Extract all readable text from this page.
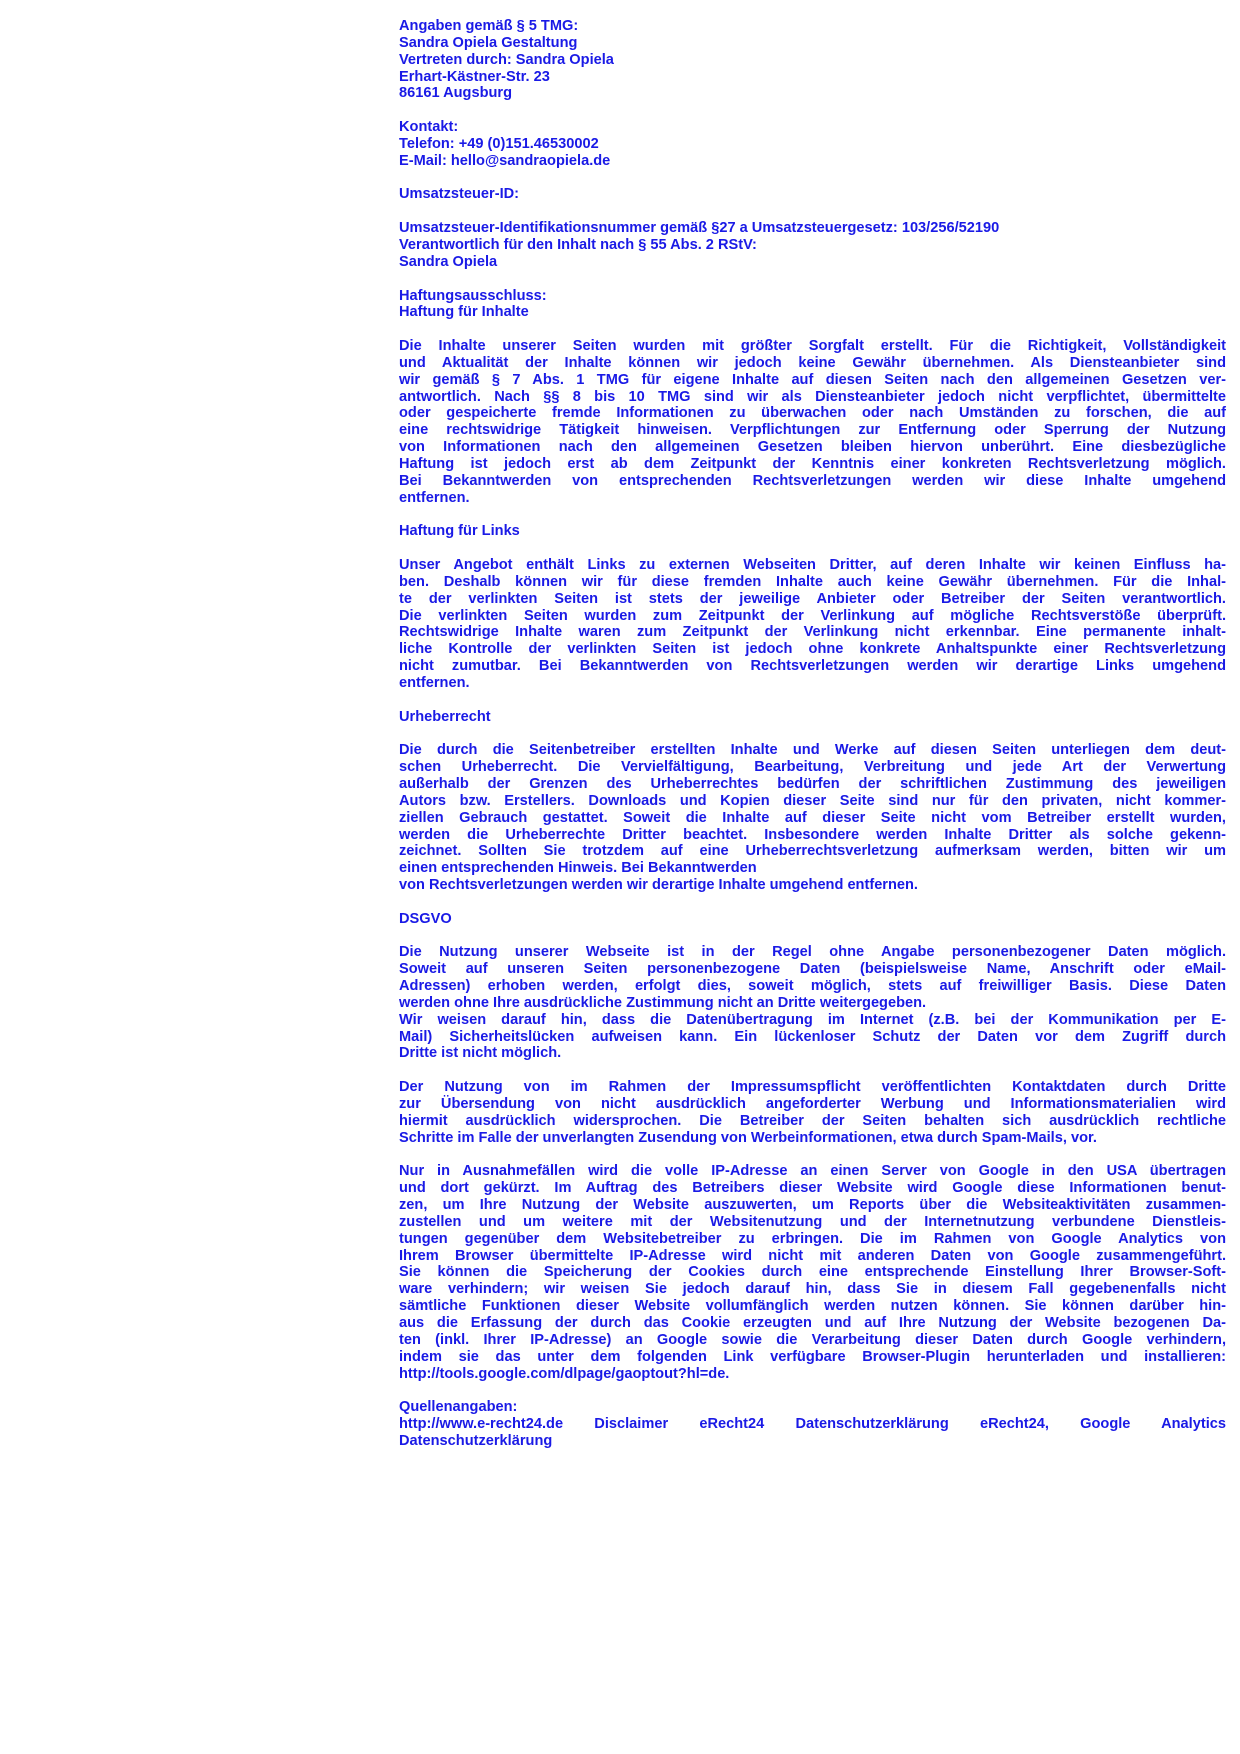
Angaben gemäß § 5 TMG:
Sandra Opiela Gestaltung
Vertreten durch: Sandra Opiela
Erhart-Kästner-Str. 23
86161 Augsburg
Kontakt:
Telefon: +49 (0)151.46530002
E-Mail: hello@sandraopiela.de
Umsatzsteuer-ID:
Umsatzsteuer-Identifikationsnummer gemäß §27 a Umsatzsteuergesetz: 103/256/52190
Verantwortlich für den Inhalt nach § 55 Abs. 2 RStV:
Sandra Opiela
Haftungsausschluss:
Haftung für Inhalte
Die Inhalte unserer Seiten wurden mit größter Sorgfalt erstellt. Für die Richtigkeit, Vollständigkeit
und Aktualität der Inhalte können wir jedoch keine Gewähr übernehmen. Als Diensteanbieter sind
wir gemäß § 7 Abs. 1 TMG für eigene Inhalte auf diesen Seiten nach den allgemeinen Gesetzen ver-
antwortlich. Nach §§ 8 bis 10 TMG sind wir als Diensteanbieter jedoch nicht verpflichtet, übermittelte
oder gespeicherte fremde Informationen zu überwachen oder nach Umständen zu forschen, die auf
eine rechtswidrige Tätigkeit hinweisen. Verpflichtungen zur Entfernung oder Sperrung der Nutzung
von Informationen nach den allgemeinen Gesetzen bleiben hiervon unberührt. Eine diesbezügliche
Haftung ist jedoch erst ab dem Zeitpunkt der Kenntnis einer konkreten Rechtsverletzung möglich.
Bei Bekanntwerden von entsprechenden Rechtsverletzungen werden wir diese Inhalte umgehend
entfernen.
Haftung für Links
Unser Angebot enthält Links zu externen Webseiten Dritter, auf deren Inhalte wir keinen Einfluss ha-
ben. Deshalb können wir für diese fremden Inhalte auch keine Gewähr übernehmen. Für die Inhal-
te der verlinkten Seiten ist stets der jeweilige Anbieter oder Betreiber der Seiten verantwortlich.
Die verlinkten Seiten wurden zum Zeitpunkt der Verlinkung auf mögliche Rechtsverstöße überprüft.
Rechtswidrige Inhalte waren zum Zeitpunkt der Verlinkung nicht erkennbar. Eine permanente inhalt-
liche Kontrolle der verlinkten Seiten ist jedoch ohne konkrete Anhaltspunkte einer Rechtsverletzung
nicht zumutbar. Bei Bekanntwerden von Rechtsverletzungen werden wir derartige Links umgehend
entfernen.
Urheberrecht
Die durch die Seitenbetreiber erstellten Inhalte und Werke auf diesen Seiten unterliegen dem deut-
schen Urheberrecht. Die Vervielfältigung, Bearbeitung, Verbreitung und jede Art der Verwertung
außerhalb der Grenzen des Urheberrechtes bedürfen der schriftlichen Zustimmung des jeweiligen
Autors bzw. Erstellers. Downloads und Kopien dieser Seite sind nur für den privaten, nicht kommer-
ziellen Gebrauch gestattet. Soweit die Inhalte auf dieser Seite nicht vom Betreiber erstellt wurden,
werden die Urheberrechte Dritter beachtet. Insbesondere werden Inhalte Dritter als solche gekenn-
zeichnet. Sollten Sie trotzdem auf eine Urheberrechtsverletzung aufmerksam werden, bitten wir um
einen entsprechenden Hinweis. Bei Bekanntwerden
von Rechtsverletzungen werden wir derartige Inhalte umgehend entfernen.
DSGVO
Die Nutzung unserer Webseite ist in der Regel ohne Angabe personenbezogener Daten möglich.
Soweit auf unseren Seiten personenbezogene Daten (beispielsweise Name, Anschrift oder eMail-
Adressen) erhoben werden, erfolgt dies, soweit möglich, stets auf freiwilliger Basis. Diese Daten
werden ohne Ihre ausdrückliche Zustimmung nicht an Dritte weitergegeben.
Wir weisen darauf hin, dass die Datenübertragung im Internet (z.B. bei der Kommunikation per E-
Mail) Sicherheitslücken aufweisen kann. Ein lückenloser Schutz der Daten vor dem Zugriff durch
Dritte ist nicht möglich.
Der Nutzung von im Rahmen der Impressumspflicht veröffentlichten Kontaktdaten durch Dritte
zur Übersendung von nicht ausdrücklich angeforderter Werbung und Informationsmaterialien wird
hiermit ausdrücklich widersprochen. Die Betreiber der Seiten behalten sich ausdrücklich rechtliche
Schritte im Falle der unverlangten Zusendung von Werbeinformationen, etwa durch Spam-Mails, vor.
Nur in Ausnahmefällen wird die volle IP-Adresse an einen Server von Google in den USA übertragen
und dort gekürzt. Im Auftrag des Betreibers dieser Website wird Google diese Informationen benut-
zen, um Ihre Nutzung der Website auszuwerten, um Reports über die Websiteaktivitäten zusammen-
zustellen und um weitere mit der Websitenutzung und der Internetnutzung verbundene Dienstleis-
tungen gegenüber dem Websitebetreiber zu erbringen. Die im Rahmen von Google Analytics von
Ihrem Browser übermittelte IP-Adresse wird nicht mit anderen Daten von Google zusammengeführt.
Sie können die Speicherung der Cookies durch eine entsprechende Einstellung Ihrer Browser-Soft-
ware verhindern; wir weisen Sie jedoch darauf hin, dass Sie in diesem Fall gegebenenfalls nicht
sämtliche Funktionen dieser Website vollumfänglich werden nutzen können. Sie können darüber hin-
aus die Erfassung der durch das Cookie erzeugten und auf Ihre Nutzung der Website bezogenen Da-
ten (inkl. Ihrer IP-Adresse) an Google sowie die Verarbeitung dieser Daten durch Google verhindern,
indem sie das unter dem folgenden Link verfügbare Browser-Plugin herunterladen und installieren:
http://tools.google.com/dlpage/gaoptout?hl=de.
Quellenangaben:
http://www.e-recht24.de Disclaimer eRecht24 Datenschutzerklärung eRecht24, Google Analytics
Datenschutzerklärung
